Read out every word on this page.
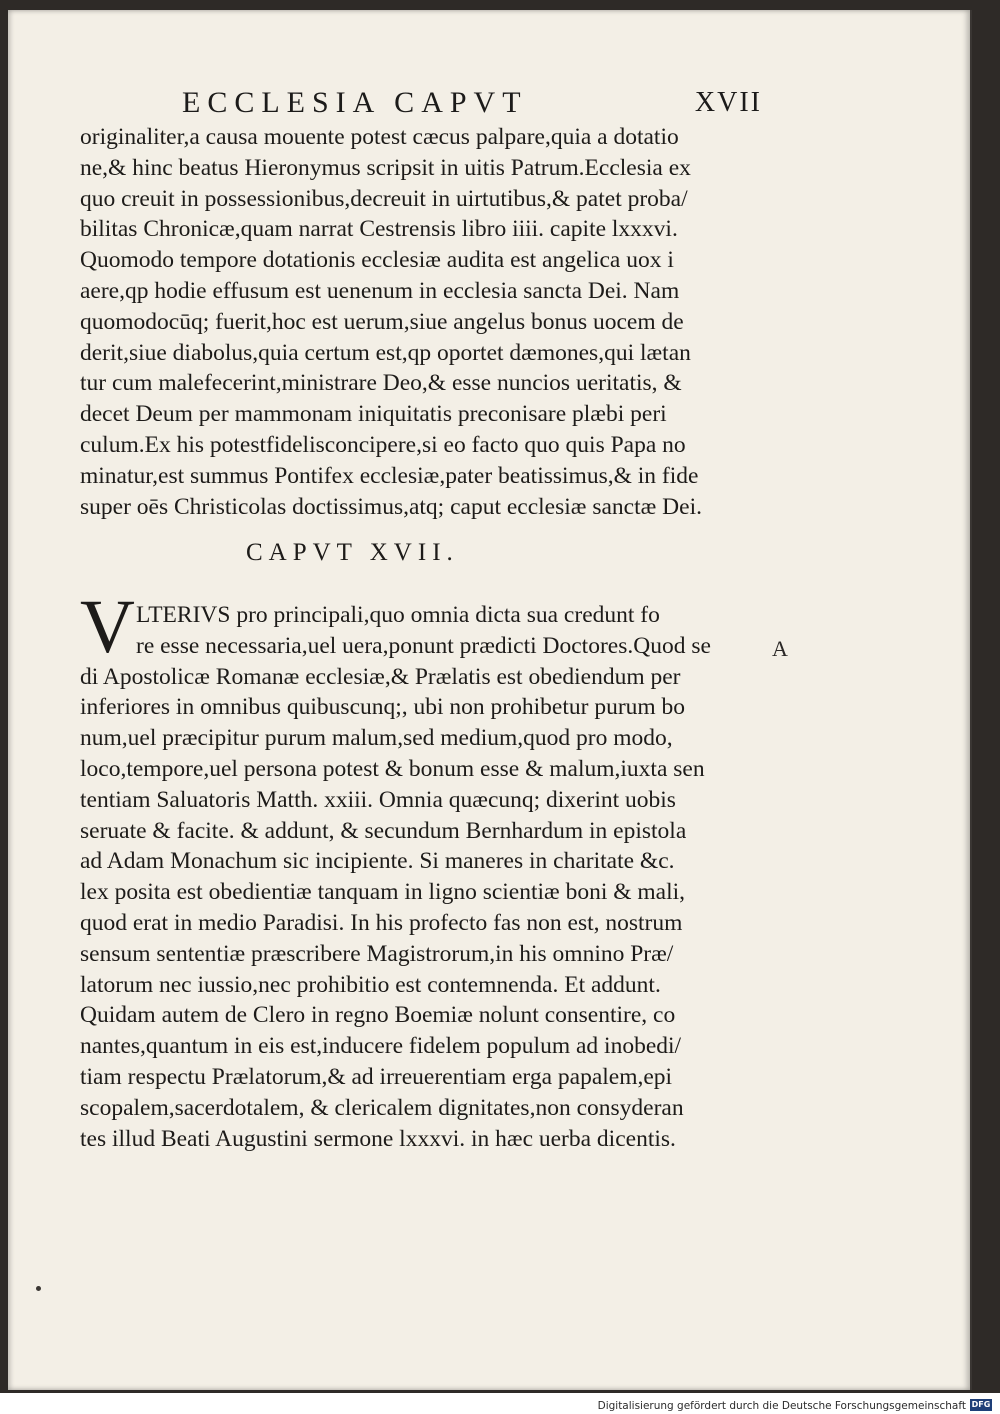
ECCLESIA CAPVT	XVII
originaliter,a causa mouente potest cæcus palpare,quia a dotatio
ne,& hinc beatus Hieronymus scripsit in uitis Patrum.Ecclesia ex
quo creuit in possessionibus,decreuit in uirtutibus,& patet proba/
bilitas Chronicæ,quam narrat Cestrensis libro iiii. capite lxxxvi.
Quomodo tempore dotationis ecclesiæ audita est angelica uox i
aere,qp hodie effusum est uenenum in ecclesia sancta Dei. Nam
quomodocūq; fuerit,hoc est uerum,siue angelus bonus uocem de
derit,siue diabolus,quia certum est,qp oportet dæmones,qui lætan
tur cum malefecerint,ministrare Deo,& esse nuncios ueritatis, &
decet Deum per mammonam iniquitatis preconisare plæbi peri
culum.Ex his potestfidelisconcipere,si eo facto quo quis Papa no
minatur,est summus Pontifex ecclesiæ,pater beatissimus,& in fide
super oēs Christicolas doctissimus,atq; caput ecclesiæ sanctæ Dei.
CAPVT XVII.
V	A
LTERIVS pro principali,quo omnia dicta sua credunt fo
re esse necessaria,uel uera,ponunt prædicti Doctores.Quod se
di Apostolicæ Romanæ ecclesiæ,& Prælatis est obediendum per
inferiores in omnibus quibuscunq;, ubi non prohibetur purum bo
num,uel præcipitur purum malum,sed medium,quod pro modo,
loco,tempore,uel persona potest & bonum esse & malum,iuxta sen
tentiam Saluatoris Matth. xxiii. Omnia quæcunq; dixerint uobis
seruate & facite. & addunt, & secundum Bernhardum in epistola
ad Adam Monachum sic incipiente. Si maneres in charitate &c.
lex posita est obedientiæ tanquam in ligno scientiæ boni & mali,
quod erat in medio Paradisi. In his profecto fas non est, nostrum
sensum sententiæ præscribere Magistrorum,in his omnino Præ/
latorum nec iussio,nec prohibitio est contemnenda. Et addunt.
Quidam autem de Clero in regno Boemiæ nolunt consentire, co
nantes,quantum in eis est,inducere fidelem populum ad inobedi/
tiam respectu Prælatorum,& ad irreuerentiam erga papalem,epi
scopalem,sacerdotalem, & clericalem dignitates,non consyderan
tes illud Beati Augustini sermone lxxxvi. in hæc uerba dicentis.
Digitalisierung gefördert durch die Deutsche Forschungsgemeinschaft DFG
